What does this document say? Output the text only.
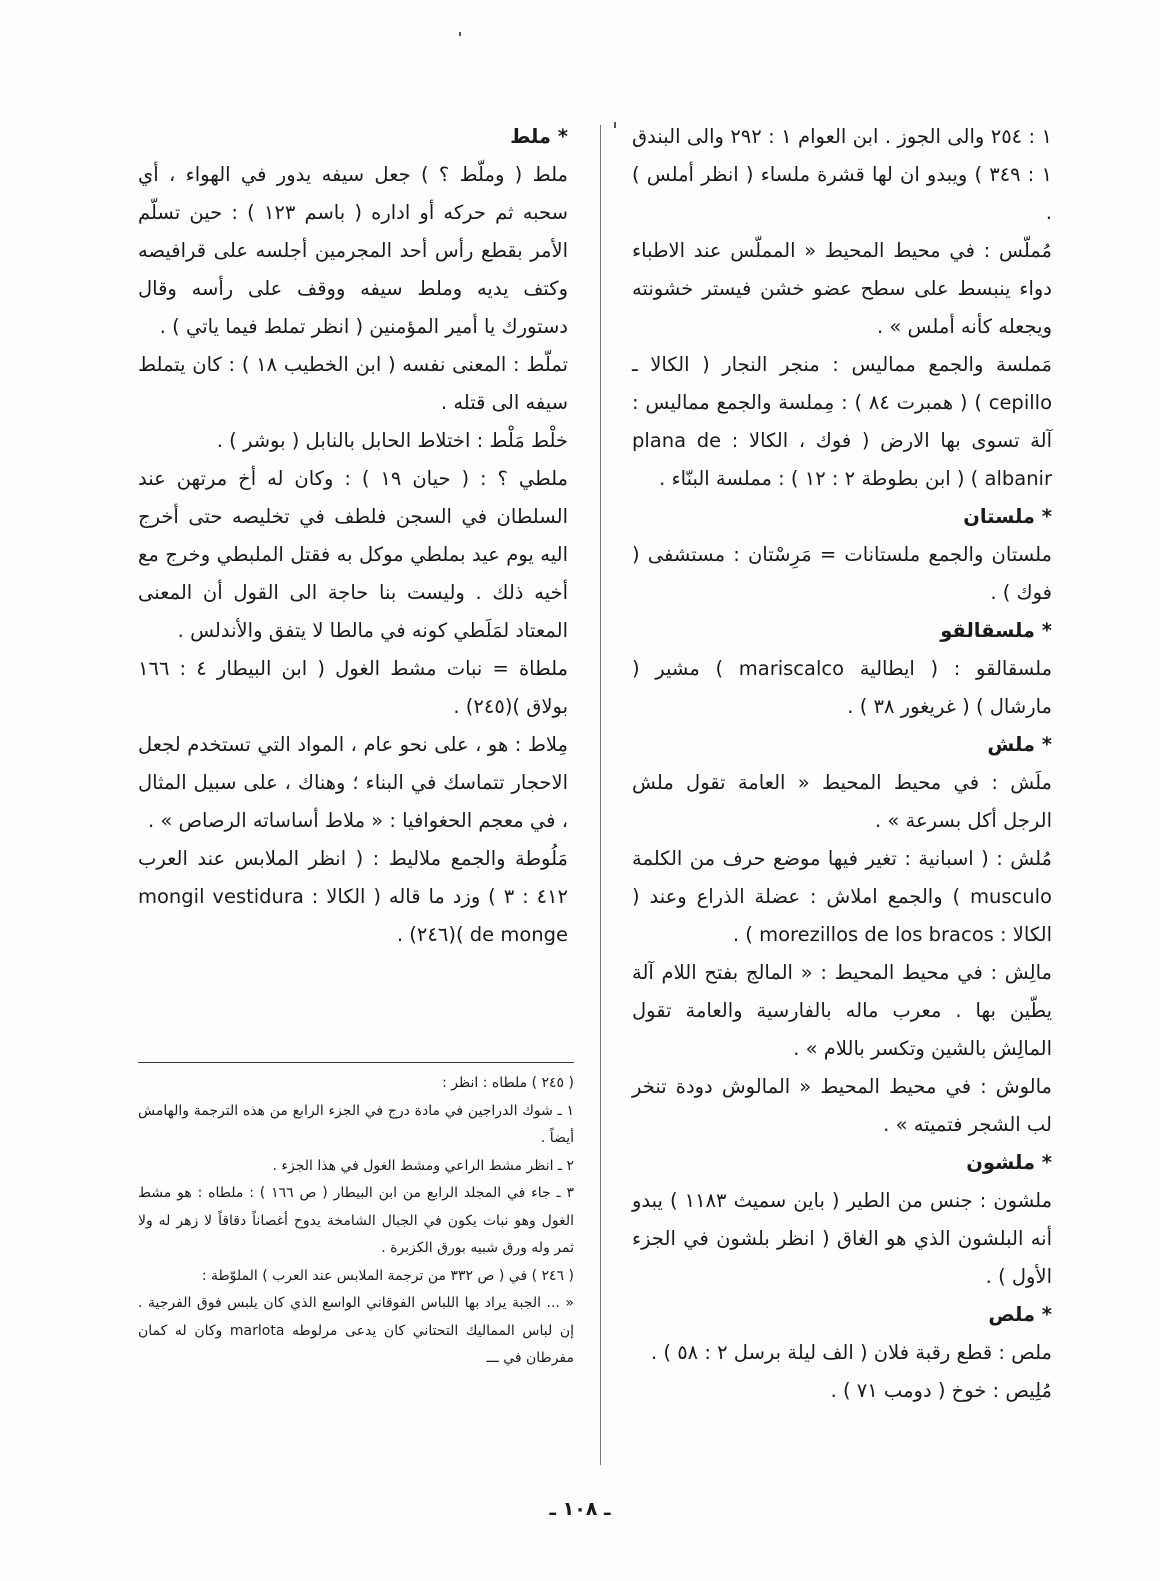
١ : ٢٥٤ والى الجوز . ابن العوام ١ : ٢٩٢ والى البندق ١ : ٣٤٩ ) ويبدو ان لها قشرة ملساء ( انظر أملس ) .

مُملّس : في محيط المحيط « المملّس عند الاطباء دواء ينبسط على سطح عضو خشن فيستر خشونته ويجعله كأنه أملس » .

مَملسة والجمع مماليس : منجر النجار ( الكالا ـ cepillo ) ( همبرت ٨٤ ) : مِملسة والجمع مماليس : آلة تسوى بها الارض ( فوك ، الكالا : plana de albanir ) ( ابن بطوطة ٢ : ١٢ ) : مملسة البنّاء .

* ملستان

ملستان والجمع ملستانات = مَرِسْتان : مستشفى ( فوك ) .

* ملسقالقو

ملسقالقو : ( ايطالية mariscalco ) مشير ( مارشال ) ( غريغور ٣٨ ) .

* ملش

ملَش : في محيط المحيط « العامة تقول ملش الرجل أكل بسرعة » .

مُلش : ( اسبانية : تغير فيها موضع حرف من الكلمة musculo ) والجمع املاش : عضلة الذراع وعند ( الكالا : morezillos de los bracos ) .

مالِش : في محيط المحيط : « المالج بفتح اللام آلة يطّين بها . معرب ماله بالفارسية والعامة تقول المالِش بالشين وتكسر باللام » .

مالوش : في محيط المحيط « المالوش دودة تنخر لب الشجر فتميته » .

* ملشون

ملشون : جنس من الطير ( باين سميث ١١٨٣ ) يبدو أنه البلشون الذي هو الغاق ( انظر بلشون في الجزء الأول ) .

* ملص

ملص : قطع رقبة فلان ( الف ليلة برسل ٢ : ٥٨ ) .

مُلِيص : خوخ ( دومب ٧١ ) .

* ملط

ملط ( وملّط ؟ ) جعل سيفه يدور في الهواء ، أي سحبه ثم حركه أو اداره ( باسم ١٢٣ ) : حين تسلّم الأمر بقطع رأس أحد المجرمين أجلسه على قرافيصه وكتف يديه وملط سيفه ووقف على رأسه وقال دستورك يا أمير المؤمنين ( انظر تملط فيما ياتي ) .

تملّط : المعنى نفسه ( ابن الخطيب ١٨ ) : كان يتملط سيفه الى قتله .

خلْط مَلْط : اختلاط الحابل بالنابل ( بوشر ) .

ملطي ؟ : ( حيان ١٩ ) : وكان له أخ مرتهن عند السلطان في السجن فلطف في تخليصه حتى أخرج اليه يوم عيد بملطي موكل به فقتل الملبطي وخرج مع أخيه ذلك . وليست بنا حاجة الى القول أن المعنى المعتاد لمَلَطي كونه في مالطا لا يتفق والأندلس .

ملطاة = نبات مشط الغول ( ابن البيطار ٤ : ١٦٦ بولاق )(٢٤٥) .

مِلاط : هو ، على نحو عام ، المواد التي تستخدم لجعل الاحجار تتماسك في البناء ؛ وهناك ، على سبيل المثال ، في معجم الحغوافيا : « ملاط أساساته الرصاص » .

مَلُوطة والجمع ملاليط : ( انظر الملابس عند العرب ٤١٢ : ٣ ) وزد ما قاله ( الكالا : mongil vestidura de monge )(٢٤٦) .

( ٢٤٥ ) ملطاه : انظر :

١ ـ شوك الدراجين في مادة درج في الجزء الرابع من هذه الترجمة والهامش أيضاً .

٢ ـ انظر مشط الراعي ومشط الغول في هذا الجزء .

٣ ـ جاء في المجلد الرابع من ابن البيطار ( ص ١٦٦ ) : ملطاه : هو مشط الغول وهو نبات يكون في الجبال الشامخة يدوح أغصاناً دقاقاً لا زهر له ولا ثمر وله ورق شبيه بورق الكزبرة .

( ٢٤٦ ) في ( ص ٣٣٢ من ترجمة الملابس عند العرب ) الملوّطة :

« ... الجبة يراد بها اللباس الفوقاني الواسع الذي كان يلبس فوق الفرجية . إن لباس المماليك التحتاني كان يدعى مرلوطه marlota وكان له كمان مفرطان في ـــ

ـ ١٠٨ ـ
